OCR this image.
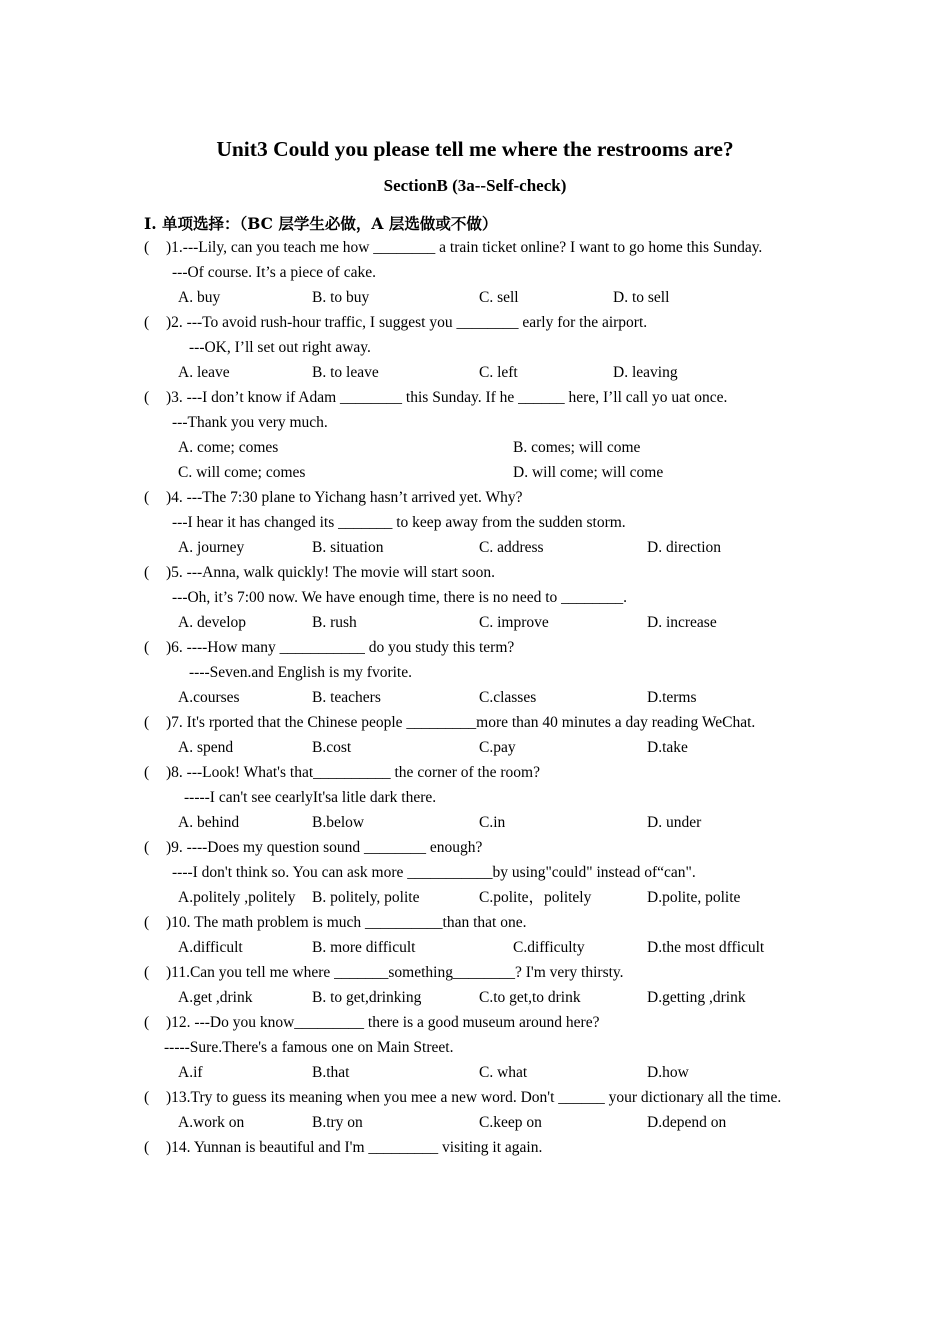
Unit3 Could you please tell me where the restrooms are?
SectionB (3a--Self-check)
I. 单项选择：（BC 层学生必做，A 层选做或不做）
( )1.---Lily, can you teach me how ________ a train ticket online? I want to go home this Sunday.
---Of course. It’s a piece of cake.
A. buy	B. to buy	C. sell	D. to sell
( )2. ---To avoid rush-hour traffic, I suggest you ________ early for the airport.
---OK, I’ll set out right away.
A. leave	B. to leave	C. left	D. leaving
( )3. ---I don’t know if Adam ________ this Sunday. If he ______ here, I’ll call yo uat once.
---Thank you very much.
A. come; comes	B. comes; will come
C. will come; comes	D. will come; will come
( )4. ---The 7:30 plane to Yichang hasn’t arrived yet. Why?
---I hear it has changed its _______ to keep away from the sudden storm.
A. journey	B. situation	C. address	D. direction
( )5. ---Anna, walk quickly! The movie will start soon.
---Oh, it’s 7:00 now. We have enough time, there is no need to ________.
A. develop	B. rush	C. improve	D. increase
( )6. ----How many ___________ do you study this term?
----Seven.and English is my fvorite.
A.courses	B. teachers	C.classes	D.terms
( )7. It's rported that the Chinese people _________more than 40 minutes a day reading WeChat.
A. spend	B.cost	C.pay	D.take
( )8. ---Look! What's that__________ the corner of the room?
-----I can't see cearlyIt'sa litle dark there.
A. behind	B.below	C.in	D. under
( )9. ----Does my question sound ________ enough?
----I don't think so. You can ask more ___________by using"could" instead of“can".
A.politely ,politely B. politely, polite	C.polite，politely	D.polite, polite
( )10. The math problem is much __________than that one.
A.difficult	B. more difficult	C.difficulty	D.the most dfficult
( )11.Can you tell me where _______something________? I'm very thirsty.
A.get ,drink	B. to get,drinking	C.to get,to drink	D.getting ,drink
( )12. ---Do you know_________ there is a good museum around here?
-----Sure.There's a famous one on Main Street.
A.if	B.that	C. what	D.how
( )13.Try to guess its meaning when you mee a new word. Don't ______ your dictionary all the time.
A.work on	B.try on	C.keep on	D.depend on
( )14. Yunnan is beautiful and I'm _________ visiting it again.
